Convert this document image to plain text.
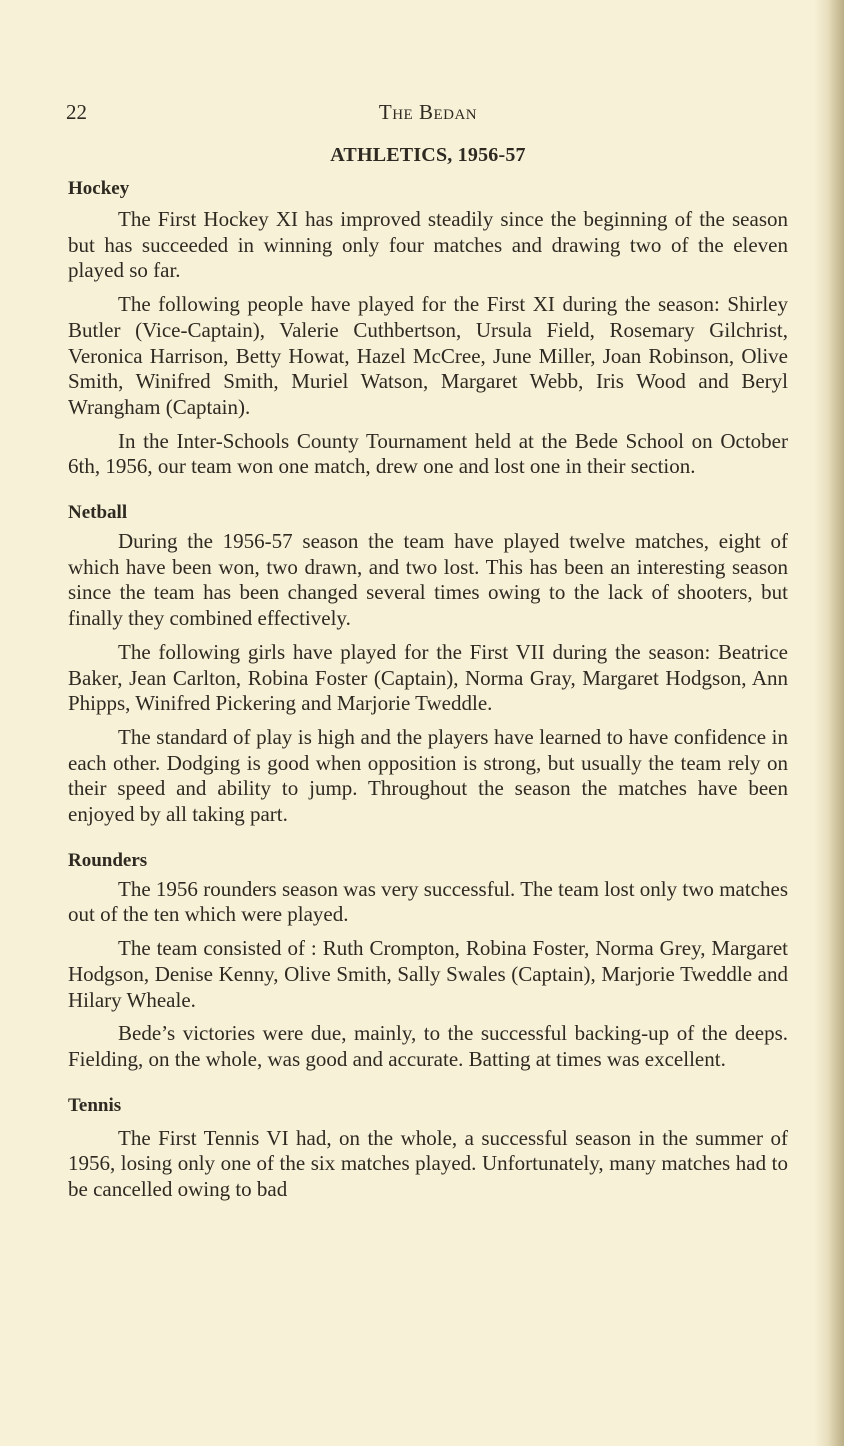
22	The Bedan
ATHLETICS, 1956-57
Hockey

The First Hockey XI has improved steadily since the beginning of the season but has succeeded in winning only four matches and drawing two of the eleven played so far.

The following people have played for the First XI during the season: Shirley Butler (Vice-Captain), Valerie Cuthbertson, Ursula Field, Rosemary Gilchrist, Veronica Harrison, Betty Howat, Hazel McCree, June Miller, Joan Robinson, Olive Smith, Winifred Smith, Muriel Watson, Margaret Webb, Iris Wood and Beryl Wrangham (Captain).

In the Inter-Schools County Tournament held at the Bede School on October 6th, 1956, our team won one match, drew one and lost one in their section.

Netball

During the 1956-57 season the team have played twelve matches, eight of which have been won, two drawn, and two lost. This has been an interesting season since the team has been changed several times owing to the lack of shooters, but finally they combined effectively.

The following girls have played for the First VII during the season: Beatrice Baker, Jean Carlton, Robina Foster (Captain), Norma Gray, Margaret Hodgson, Ann Phipps, Winifred Pickering and Marjorie Tweddle.

The standard of play is high and the players have learned to have confidence in each other. Dodging is good when opposition is strong, but usually the team rely on their speed and ability to jump. Throughout the season the matches have been enjoyed by all taking part.

Rounders

The 1956 rounders season was very successful. The team lost only two matches out of the ten which were played.

The team consisted of : Ruth Crompton, Robina Foster, Norma Grey, Margaret Hodgson, Denise Kenny, Olive Smith, Sally Swales (Captain), Marjorie Tweddle and Hilary Wheale.

Bede’s victories were due, mainly, to the successful backing-up of the deeps. Fielding, on the whole, was good and accurate. Batting at times was excellent.

Tennis

The First Tennis VI had, on the whole, a successful season in the summer of 1956, losing only one of the six matches played. Unfortunately, many matches had to be cancelled owing to bad
